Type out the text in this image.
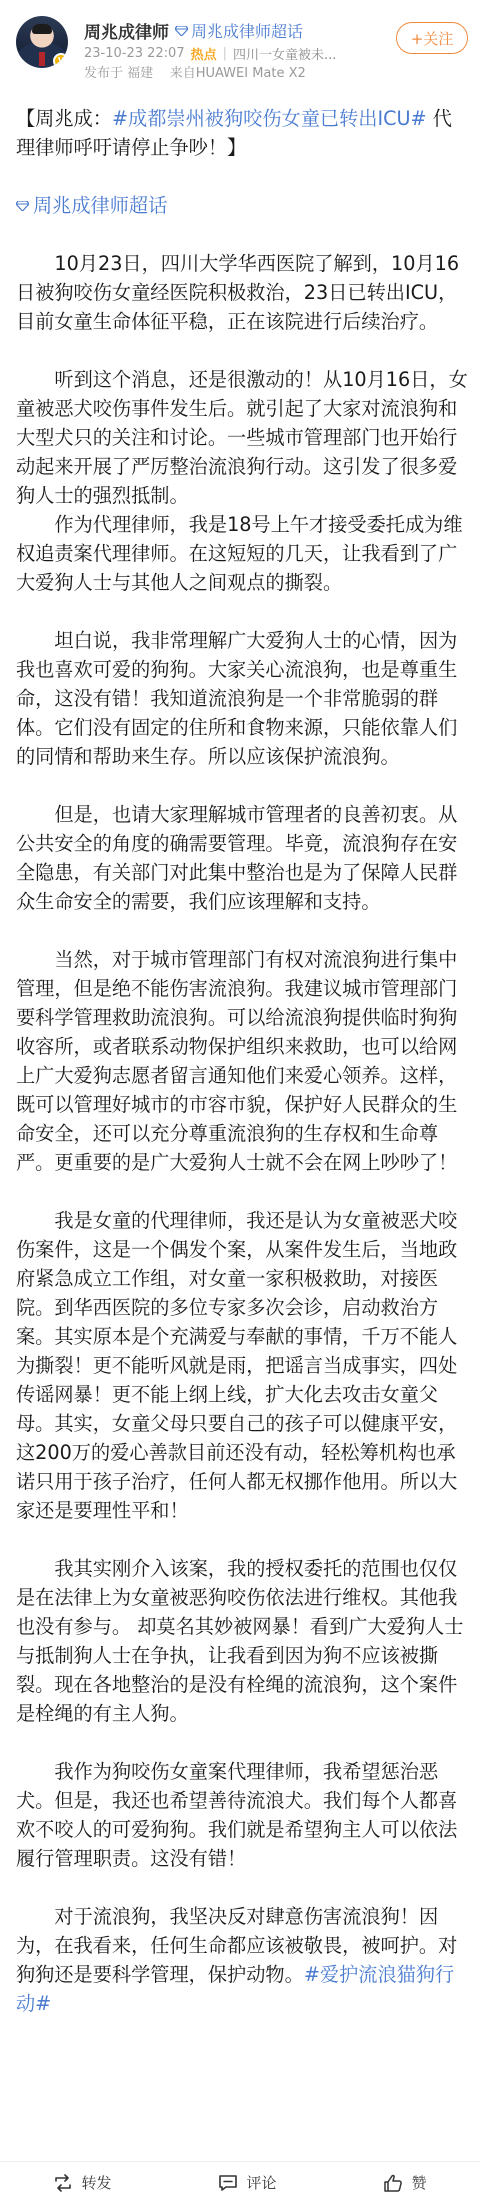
V
周兆成律师 周兆成律师超话
23-10-23 22:07 热点 | 四川一女童被未...
发布于 福建 来自HUAWEI Mate X2
+关注

【周兆成：#成都崇州被狗咬伤女童已转出ICU# 代理律师呼吁请停止争吵！】

周兆成律师超话

10月23日，四川大学华西医院了解到，10月16日被狗咬伤女童经医院积极救治，23日已转出ICU，目前女童生命体征平稳，正在该院进行后续治疗。

听到这个消息，还是很激动的！从10月16日，女童被恶犬咬伤事件发生后。就引起了大家对流浪狗和大型犬只的关注和讨论。一些城市管理部门也开始行动起来开展了严厉整治流浪狗行动。这引发了很多爱狗人士的强烈抵制。

作为代理律师，我是18号上午才接受委托成为维权追责案代理律师。在这短短的几天，让我看到了广大爱狗人士与其他人之间观点的撕裂。

坦白说，我非常理解广大爱狗人士的心情，因为我也喜欢可爱的狗狗。大家关心流浪狗，也是尊重生命，这没有错！我知道流浪狗是一个非常脆弱的群体。它们没有固定的住所和食物来源，只能依靠人们的同情和帮助来生存。所以应该保护流浪狗。

但是，也请大家理解城市管理者的良善初衷。从公共安全的角度的确需要管理。毕竟，流浪狗存在安全隐患，有关部门对此集中整治也是为了保障人民群众生命安全的需要，我们应该理解和支持。

当然，对于城市管理部门有权对流浪狗进行集中管理，但是绝不能伤害流浪狗。我建议城市管理部门要科学管理救助流浪狗。可以给流浪狗提供临时狗狗收容所，或者联系动物保护组织来救助，也可以给网上广大爱狗志愿者留言通知他们来爱心领养。这样，既可以管理好城市的市容市貌，保护好人民群众的生命安全，还可以充分尊重流浪狗的生存权和生命尊严。更重要的是广大爱狗人士就不会在网上吵吵了！

我是女童的代理律师，我还是认为女童被恶犬咬伤案件，这是一个偶发个案，从案件发生后，当地政府紧急成立工作组，对女童一家积极救助，对接医院。到华西医院的多位专家多次会诊，启动救治方案。其实原本是个充满爱与奉献的事情，千万不能人为撕裂！更不能听风就是雨，把谣言当成事实，四处传谣网暴！更不能上纲上线，扩大化去攻击女童父母。其实，女童父母只要自己的孩子可以健康平安，这200万的爱心善款目前还没有动，轻松筹机构也承诺只用于孩子治疗，任何人都无权挪作他用。所以大家还是要理性平和！

我其实刚介入该案，我的授权委托的范围也仅仅是在法律上为女童被恶狗咬伤依法进行维权。其他我也没有参与。 却莫名其妙被网暴！看到广大爱狗人士与抵制狗人士在争执，让我看到因为狗不应该被撕裂。现在各地整治的是没有栓绳的流浪狗，这个案件是栓绳的有主人狗。

我作为狗咬伤女童案代理律师，我希望惩治恶犬。但是，我还也希望善待流浪犬。我们每个人都喜欢不咬人的可爱狗狗。我们就是希望狗主人可以依法履行管理职责。这没有错！

对于流浪狗，我坚决反对肆意伤害流浪狗！因为，在我看来，任何生命都应该被敬畏，被呵护。对狗狗还是要科学管理，保护动物。#爱护流浪猫狗行动#

转发	评论	赞
